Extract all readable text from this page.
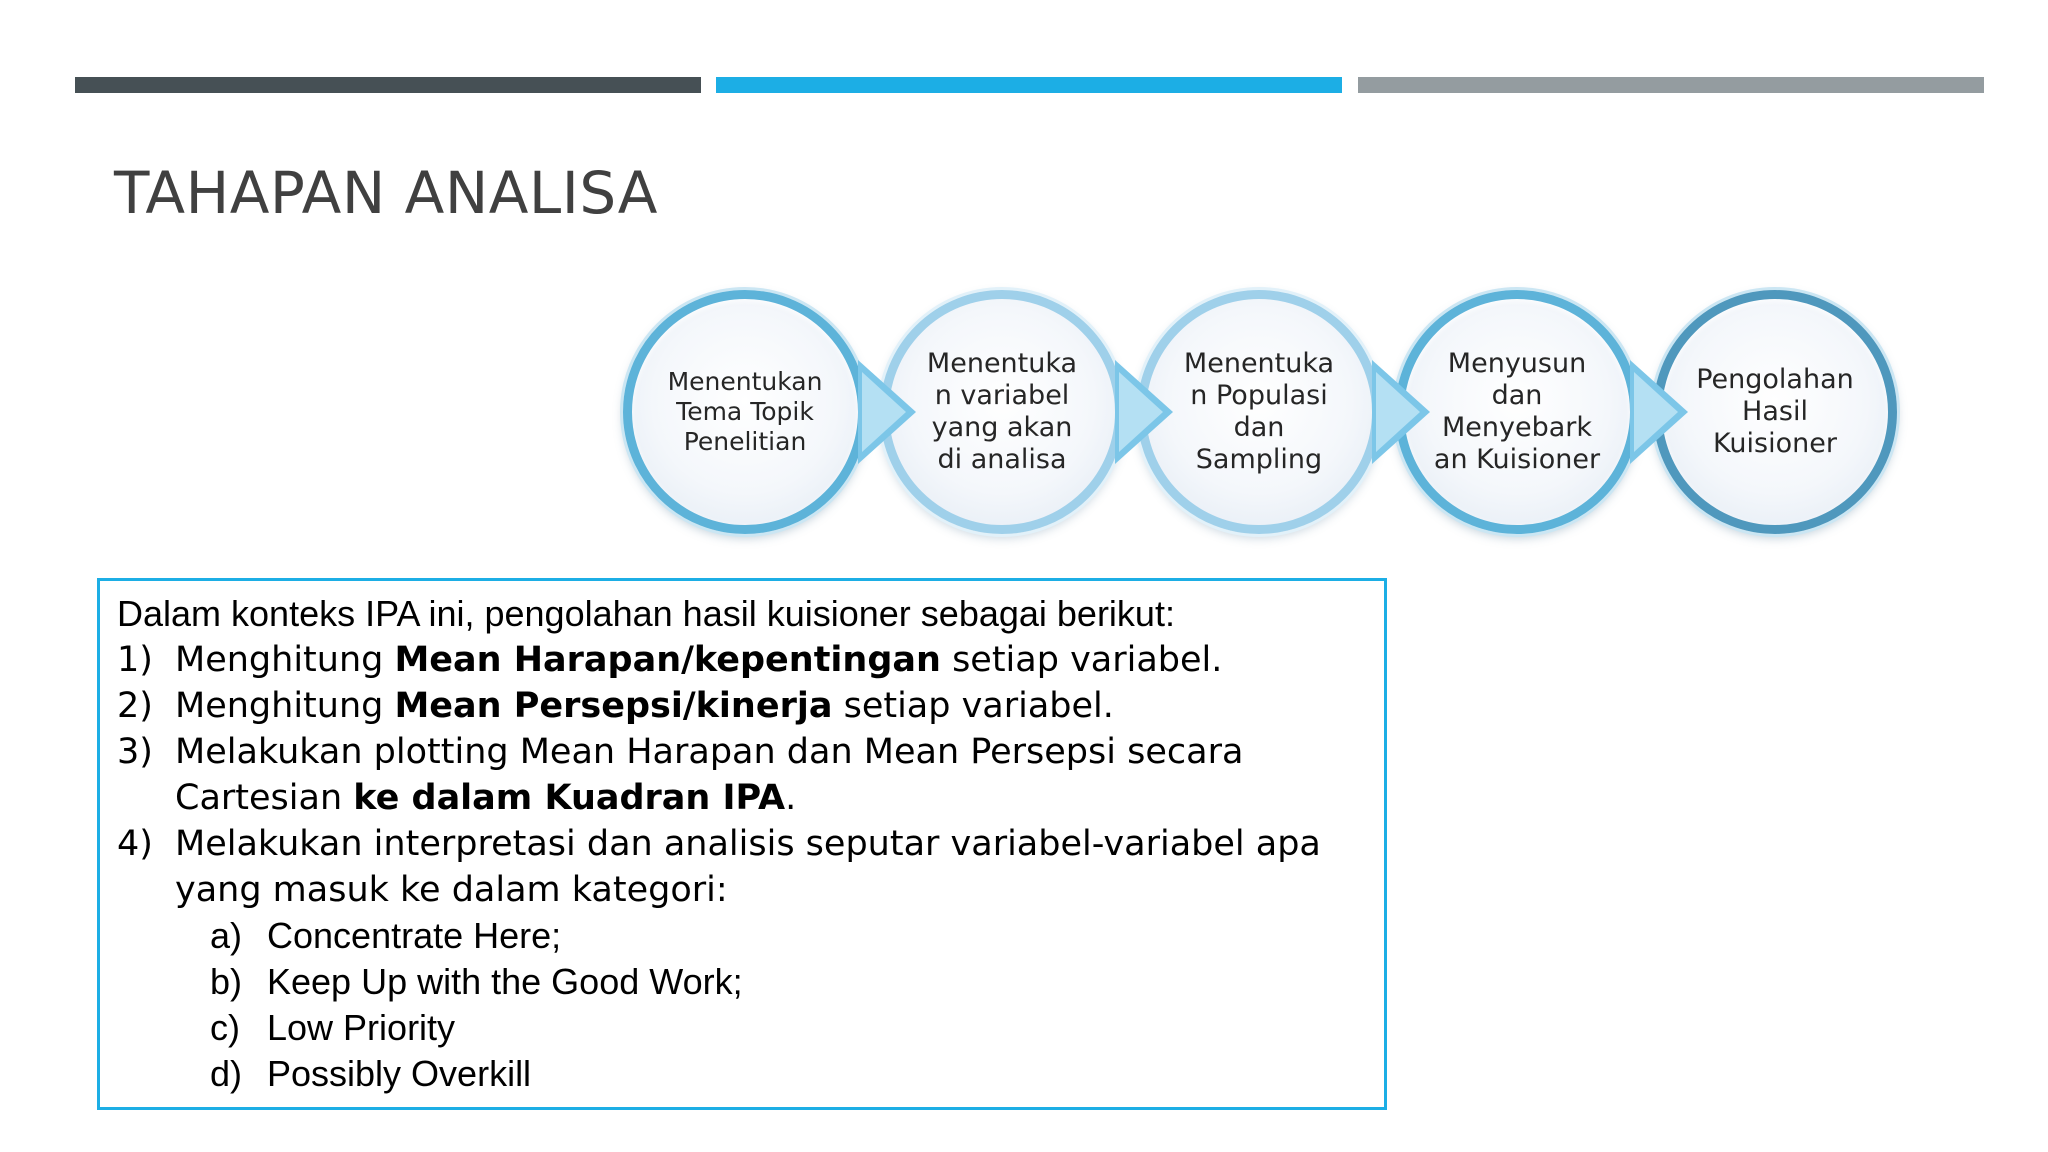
TAHAPAN ANALISA
Menentukan Tema Topik Penelitian
Menentuka n variabel yang akan di analisa
Menentuka n Populasi dan Sampling
Menyusun dan Menyebark an Kuisioner
Pengolahan Hasil Kuisioner

Dalam konteks IPA ini, pengolahan hasil kuisioner sebagai berikut:

1) Menghitung Mean Harapan/kepentingan setiap variabel.
2) Menghitung Mean Persepsi/kinerja setiap variabel.
3) Melakukan plotting Mean Harapan dan Mean Persepsi secara Cartesian ke dalam Kuadran IPA.
4) Melakukan interpretasi dan analisis seputar variabel-variabel apa yang masuk ke dalam kategori:
a) Concentrate Here;
b) Keep Up with the Good Work;
c) Low Priority
d) Possibly Overkill
